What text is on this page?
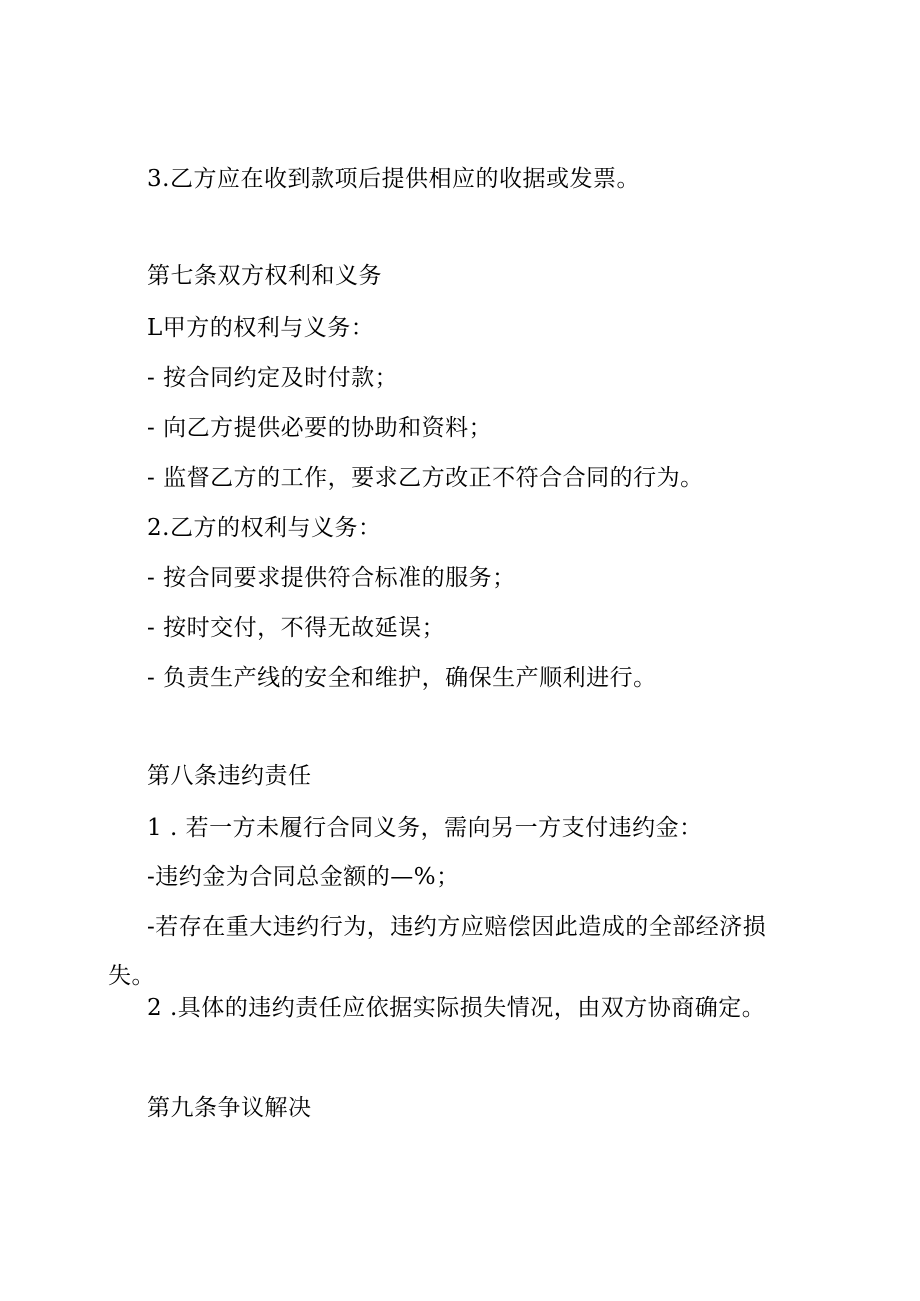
3.乙方应在收到款项后提供相应的收据或发票。

第七条双方权利和义务

L甲方的权利与义务：

- 按合同约定及时付款；

- 向乙方提供必要的协助和资料；

- 监督乙方的工作，要求乙方改正不符合合同的行为。

2.乙方的权利与义务：

- 按合同要求提供符合标准的服务；

- 按时交付，不得无故延误；

- 负责生产线的安全和维护，确保生产顺利进行。

第八条违约责任

1 . 若一方未履行合同义务，需向另一方支付违约金：

-违约金为合同总金额的—%；

-若存在重大违约行为，违约方应赔偿因此造成的全部经济损

失。

2 .具体的违约责任应依据实际损失情况，由双方协商确定。

第九条争议解决
